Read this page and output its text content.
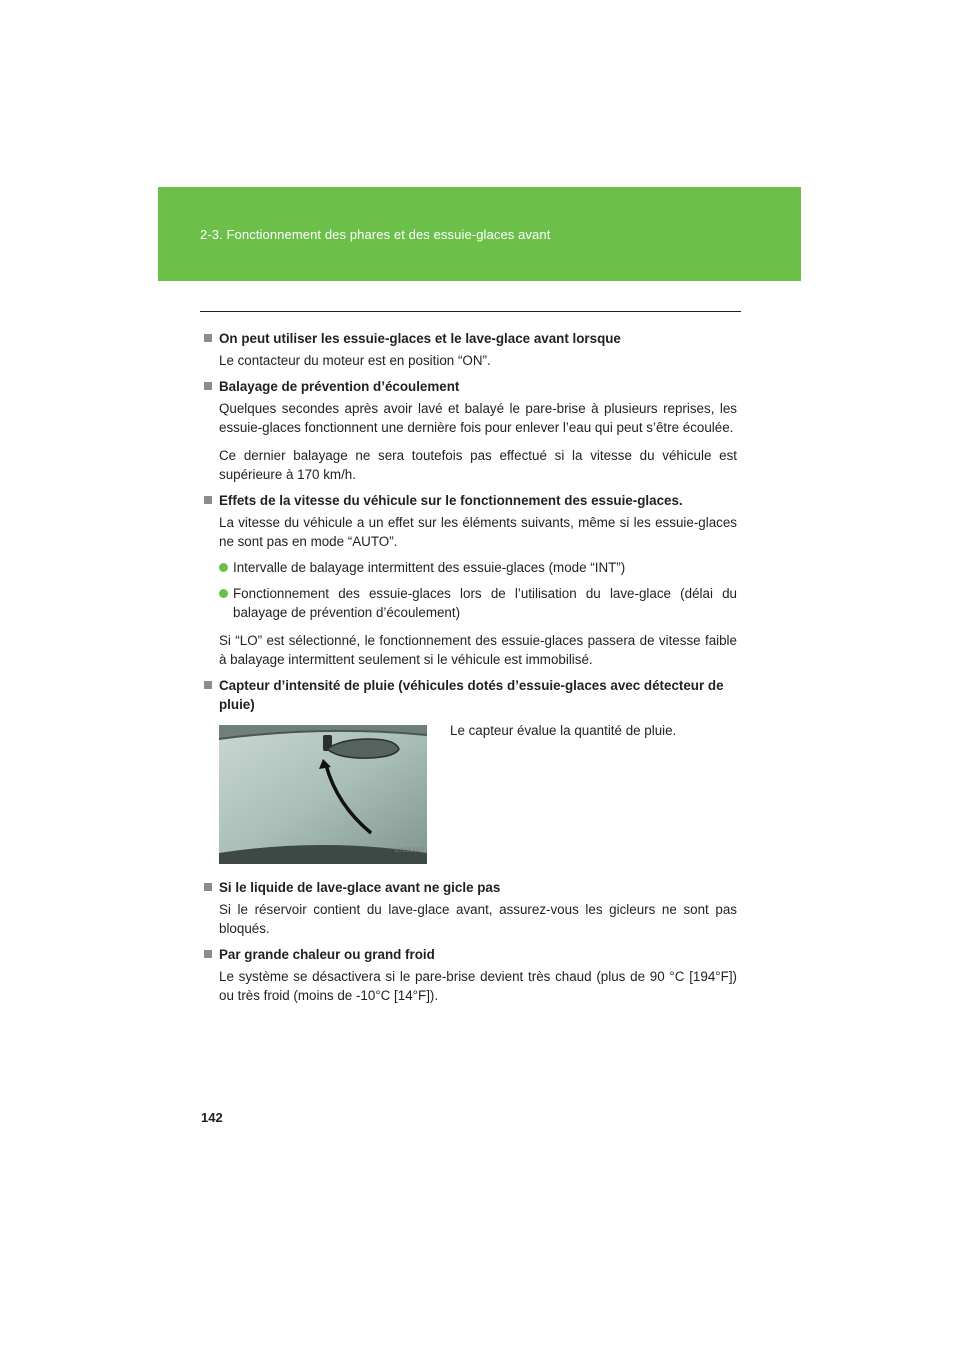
2-3. Fonctionnement des phares et des essuie-glaces avant
On peut utiliser les essuie-glaces et le lave-glace avant lorsque
Le contacteur du moteur est en position “ON”.
Balayage de prévention d’écoulement
Quelques secondes après avoir lavé et balayé le pare-brise à plusieurs reprises, les essuie-glaces fonctionnent une dernière fois pour enlever l’eau qui peut s’être écoulée.
Ce dernier balayage ne sera toutefois pas effectué si la vitesse du véhicule est supérieure à 170 km/h.
Effets de la vitesse du véhicule sur le fonctionnement des essuie-glaces.
La vitesse du véhicule a un effet sur les éléments suivants, même si les essuie-glaces ne sont pas en mode “AUTO”.
Intervalle de balayage intermittent des essuie-glaces (mode “INT”)
Fonctionnement des essuie-glaces lors de l’utilisation du lave-glace (délai du balayage de prévention d’écoulement)
Si “LO” est sélectionné, le fonctionnement des essuie-glaces passera de vitesse faible à balayage intermittent seulement si le véhicule est immobilisé.
Capteur d’intensité de pluie (véhicules dotés d’essuie-glaces avec détecteur de pluie)
ILY23U007
Le capteur évalue la quantité de pluie.
Si le liquide de lave-glace avant ne gicle pas
Si le réservoir contient du lave-glace avant, assurez-vous les gicleurs ne sont pas bloqués.
Par grande chaleur ou grand froid
Le système se désactivera si le pare-brise devient très chaud (plus de 90 °C [194°F]) ou très froid (moins de -10°C [14°F]).
142
